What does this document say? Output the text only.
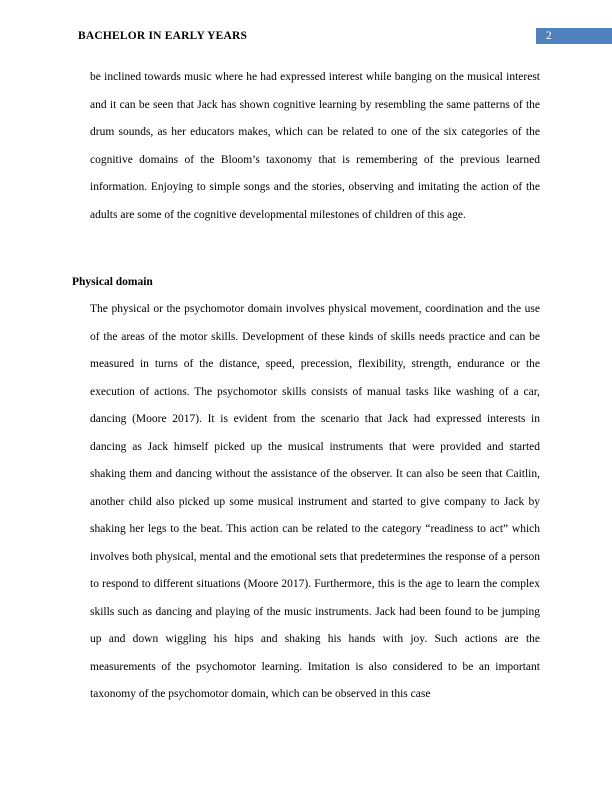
BACHELOR IN EARLY YEARS	2

be inclined towards music where he had expressed interest while banging on the musical interest and it can be seen that Jack has shown cognitive learning by resembling the same patterns of the drum sounds, as her educators makes, which can be related to one of the six categories of the cognitive domains of the Bloom’s taxonomy that is remembering of the previous learned information. Enjoying to simple songs and the stories, observing and imitating the action of the adults are some of the cognitive developmental milestones of children of this age.

Physical domain

The physical or the psychomotor domain involves physical movement, coordination and the use of the areas of the motor skills. Development of these kinds of skills needs practice and can be measured in turns of the distance, speed, precession, flexibility, strength, endurance or the execution of actions. The psychomotor skills consists of manual tasks like washing of a car, dancing (Moore 2017). It is evident from the scenario that Jack had expressed interests in dancing as Jack himself picked up the musical instruments that were provided and started shaking them and dancing without the assistance of the observer. It can also be seen that Caitlin, another child also picked up some musical instrument and started to give company to Jack by shaking her legs to the beat. This action can be related to the category “readiness to act” which involves both physical, mental and the emotional sets that predetermines the response of a person to respond to different situations (Moore 2017). Furthermore, this is the age to learn the complex skills such as dancing and playing of the music instruments. Jack had been found to be jumping up and down wiggling his hips and shaking his hands with joy. Such actions are the measurements of the psychomotor learning. Imitation is also considered to be an important taxonomy of the psychomotor domain, which can be observed in this case
